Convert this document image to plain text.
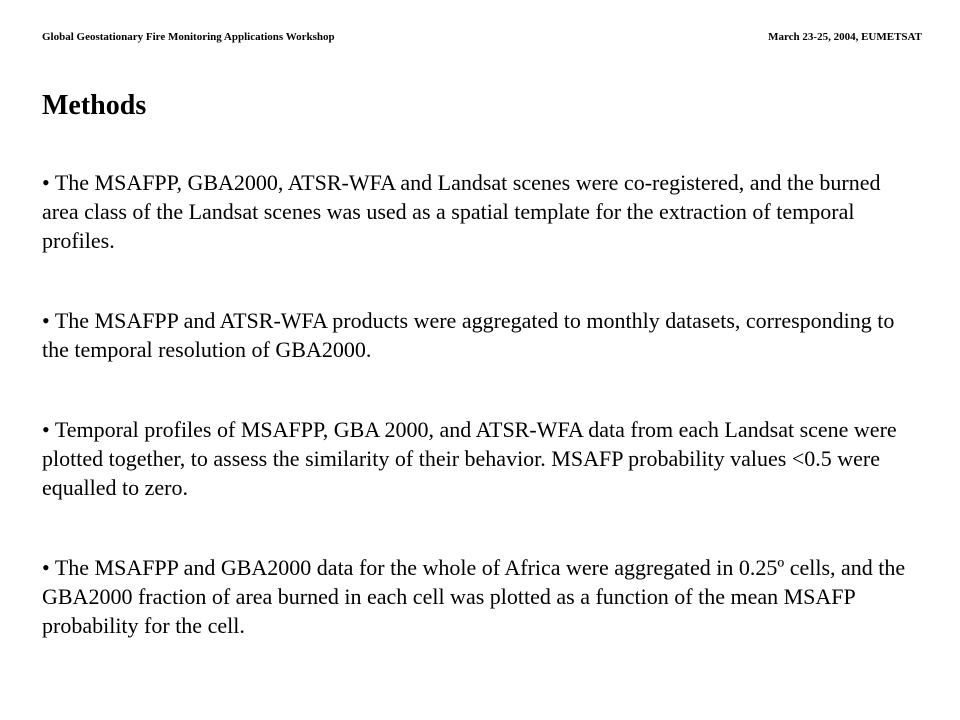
Global Geostationary Fire Monitoring Applications Workshop	March 23-25, 2004, EUMETSAT
Methods
• The MSAFPP, GBA2000, ATSR-WFA and Landsat scenes were co-registered, and the burned area class of the Landsat scenes was used as a spatial template for the extraction of temporal profiles.
• The MSAFPP and ATSR-WFA products were aggregated to monthly datasets, corresponding to the temporal resolution of GBA2000.
• Temporal profiles of MSAFPP, GBA 2000, and ATSR-WFA data from each Landsat scene were plotted together, to assess the similarity of their behavior. MSAFP probability values <0.5 were equalled to zero.
• The MSAFPP and GBA2000 data for the whole of Africa were aggregated in 0.25º cells, and the GBA2000 fraction of area burned in each cell was plotted as a function of the mean MSAFP probability for the cell.
